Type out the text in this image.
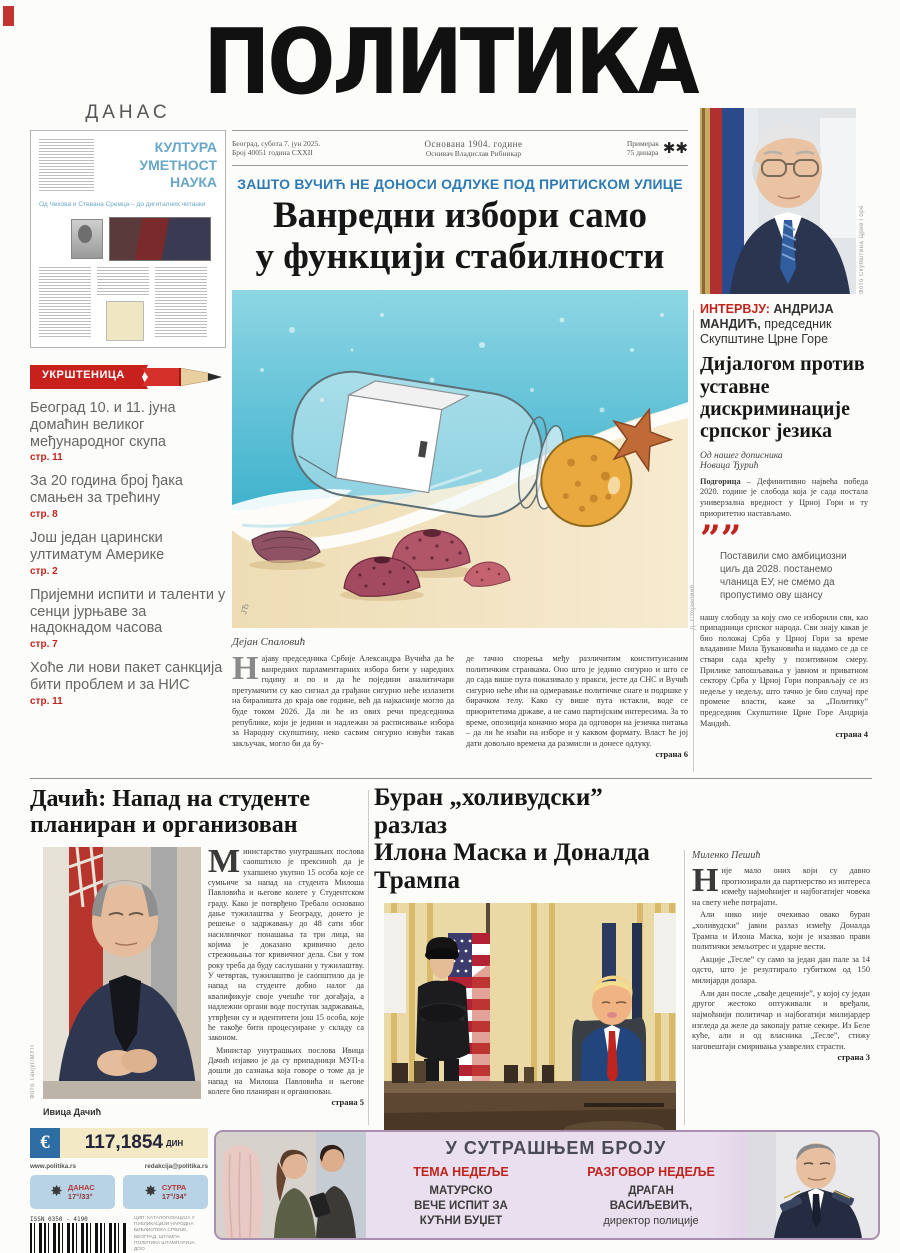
ПОЛИТИКА
Београд, субота 7. јун 2025.
Број 40051 година CXXII
Основана 1904. године
Оснивач Владислав Рибникар
Примерак
75 динара ✱✱
ДАНАС
КУЛТУРА
УМЕТНОСТ
НАУКА
Од Чехова и Стевана Сремца – до дигиталних читанки
УКРШТЕНИЦА
Београд 10. и 11. јуна домаћин великог међународног скупа
стр. 11
За 20 година број ђака смањен за трећину
стр. 8
Још један царински ултиматум Америке
стр. 2
Пријемни испити и таленти у сенци јурњаве за надокнадом часова
стр. 7
Хоће ли нови пакет санкција бити проблем и за НИС
стр. 11
ЗАШТО ВУЧИЋ НЕ ДОНОСИ ОДЛУКЕ ПОД ПРИТИСКОМ УЛИЦЕ
Ванредни избори само
у функцији стабилности
ЈЂ
Дејан Спаловић
Најаву председника Србије Александра Вучића да ће ванредних парламентарних избора бити у наредних годину и по и да ће поједини аналитичари претумачити су као сигнал да грађани сигурно неће излазити на биралишта до краја ове године, већ да најкасније могло да буде током 2026. Да ли ће из ових речи председника републике, који је једини и надлежан за расписивање избора за Народну скупштину, неко сасвим сигурно извући такав закључак, могло би да бу-
де тачно спорења међу различитим конституисаним политичким странкама. Оно што је једино сигурно и што се до сада више пута показивало у пракси, јесте да СНС и Вучић сигурно неће ићи на одмеравање политичке снаге и подршке у бирачком телу. Како су више пута истакли, воде се приоритетима државе, а не само партијским интересима. За то време, опозиција коначно мора да одговори на језичка питања – да ли ће изаћи на изборе и у каквом формату. Власт ће јој дати довољно времена да размисли и донесе одлуку.
страна 6
Фото Скупштина Црне Горе
ИНТЕРВЈУ: АНДРИЈА МАНДИЋ, председник Скупштине Црне Горе
Дијалогом против уставне дискриминације српског језика
Од нашег дописника
Новица Ђурић
Подгорица – Дефинитивно највећа победа 2020. године је слобода која је сада постала универзална вредност у Црној Гори и ту приоритетно настављамо.
””
Поставили смо амбициозни циљ да 2028. постанемо чланица ЕУ, не смемо да пропустимо ову шансу
нашу слободу за коју смо се изборили сви, као припадници српског народа. Сви знају какав је био положај Срба у Црној Гори за време владавине Мила Ђукановића и надамо се да се ствари сада крећу у позитивном смеру. Прилике запошљавања у јавном и приватном сектору Срба у Црној Гори поправљају се из недеље у недељу, што тачно је био случај пре промене власти, каже за „Политику” председник Скупштине Црне Горе Андрија Мандић.
страна 4
Дачић: Напад на студенте
планиран и организован
Фото Танјуг/МУП
Ивица Дачић
Министарство унутрашњих послова саопштило је прексиноћ да је ухапшено укупно 15 особа које се сумњиче за напад на студента Милоша Павловића и његове колеге у Студентском граду. Како је потврђено Требало основано дање тужилаштва у Београду, донето је решење о задржавању до 48 сати због насилничког понашања та три лица, на којима је доказано кривично дело стрежињања тог кривичног дела. Сви у том року треба да буду саслушани у тужилаштву. У четвртак, тужилаштво је саопштило да је напад на студенте добио налог да квалификује своје учешће тог догађаја, а надлежни органи воде поступак задржавања, утврђени су и идентитети још 15 особа, које ће такође бити процесуиране у складу са законом.
Министар унутрашњих послова Ивица Дачић изјавио је да су припадници МУП-а дошли до сазнања која говоре о томе да је напад на Милоша Павловића и његове колеге био планиран и организован.
страна 5
Буран „холивудски” разлаз
Илона Маска и Доналда Трампа
Миленко Пешић
Није мало оних који су давно прогнозирали да партнерство из интереса између најмоћнијег и најбогатијег човека на свету неће потрајати.
Али нико није очекивао овако буран „холивудски” јавни разлаз између Доналда Трампа и Илона Маска, који је изазвао прави политички земљотрес и ударне вести.
Акције „Тесле” су само за један дан пале за 14 одсто, што је резултирало губитком од 150 милијарди долара.
Али дан после „свађе деценије”, у којој су један другог жестоко оптуживали и вређали, најмоћнији политичар и најбогатији милијардер изгледа да желе да закопају ратне секире. Из Беле куће, али и од власника „Тесле”, стижу наговештаји смиривања узаврелих страсти.
страна 3
€	117,1854 ДИН
www.politika.rs	redakcija@politika.rs
✸ ДАНАС
17°/33°	✸ СУТРА
17°/34°
ISSN 0350 - 4190	ЦИП: КАТАЛОГИЗАЦИЈА У ПУБЛИКАЦИЈИ НАРОДНА БИБЛИОТЕКА СРБИЈЕ, БЕОГРАД. ШТАМПА ПОЛИТИКА ШТАМПАРИЈА ДОО
У СУТРАШЊЕМ БРОЈУ
ТЕМА НЕДЕЉЕ
МАТУРСКО
ВЕЧЕ ИСПИТ ЗА
КУЋНИ БУЏЕТ
РАЗГОВОР НЕДЕЉЕ
ДРАГАН
ВАСИЉЕВИЋ,
директор полиције
